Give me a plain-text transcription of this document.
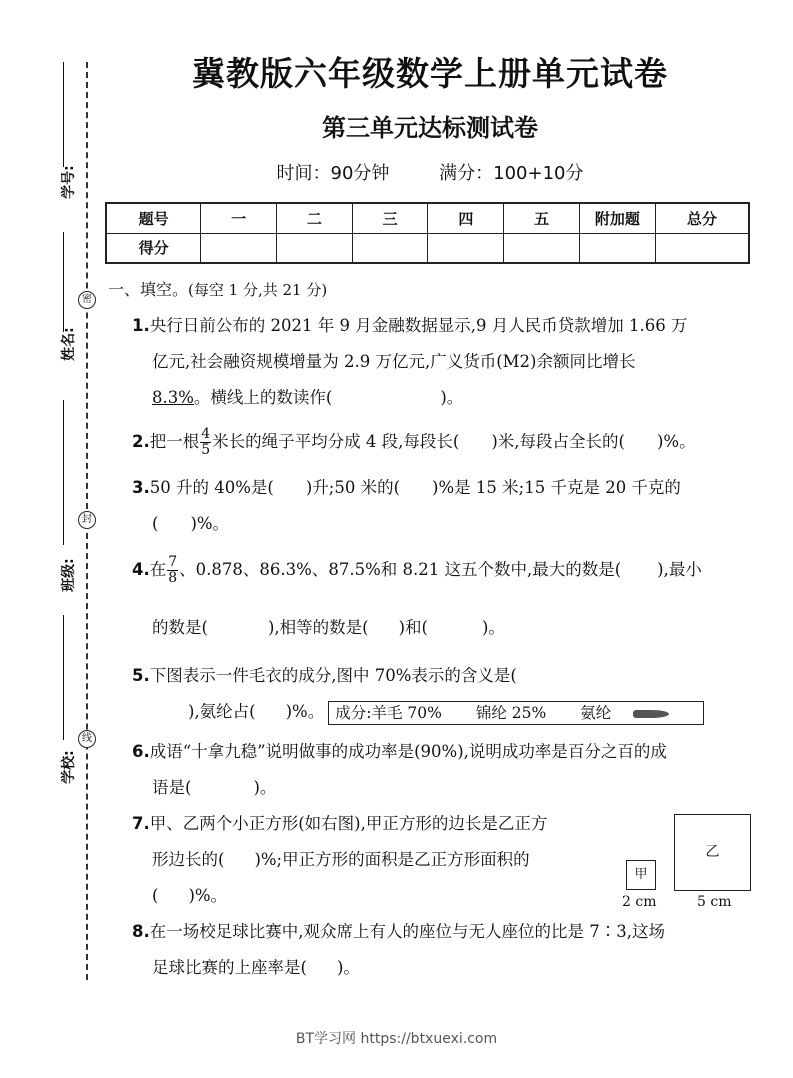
学号:
姓名:
班级:
学校:
密
封
线
冀教版六年级数学上册单元试卷
第三单元达标测试卷
时间：90分钟	满分：100+10分
题号	一	二	三	四	五	附加题	总分
得分							
一、填空。(每空 1 分,共 21 分)
1.央行日前公布的 2021 年 9 月金融数据显示,9 月人民币贷款增加 1.66 万
亿元,社会融资规模增量为 2.9 万亿元,广义货币(M2)余额同比增长
8.3%。横线上的数读作(	)。
2.把一根 $\frac{4}{5}$ 米长的绳子平均分成 4 段,每段长( )米,每段占全长的( )%。
3.50 升的 40%是( )升;50 米的( )%是 15 米;15 千克是 20 千克的
( )%。
4.在 $\frac{7}{8}$ 、0.878、86.3%、87.5%和 8.21 这五个数中,最大的数是( ),最小
的数是(	),相等的数是( )和(	)。
5.下图表示一件毛衣的成分,图中 70%表示的含义是(
),氨纶占( )%。 成分:羊毛 70% 锦纶 25% 氨纶
6.成语“十拿九稳”说明做事的成功率是(90%),说明成功率是百分之百的成
语是(	)。
7.甲、乙两个小正方形(如右图),甲正方形的边长是乙正方
形边长的( )%;甲正方形的面积是乙正方形面积的
( )%。
甲
乙
2 cm	5 cm
8.在一场校足球比赛中,观众席上有人的座位与无人座位的比是 7∶3,这场
足球比赛的上座率是( )。
BT学习网 https://btxuexi.com
